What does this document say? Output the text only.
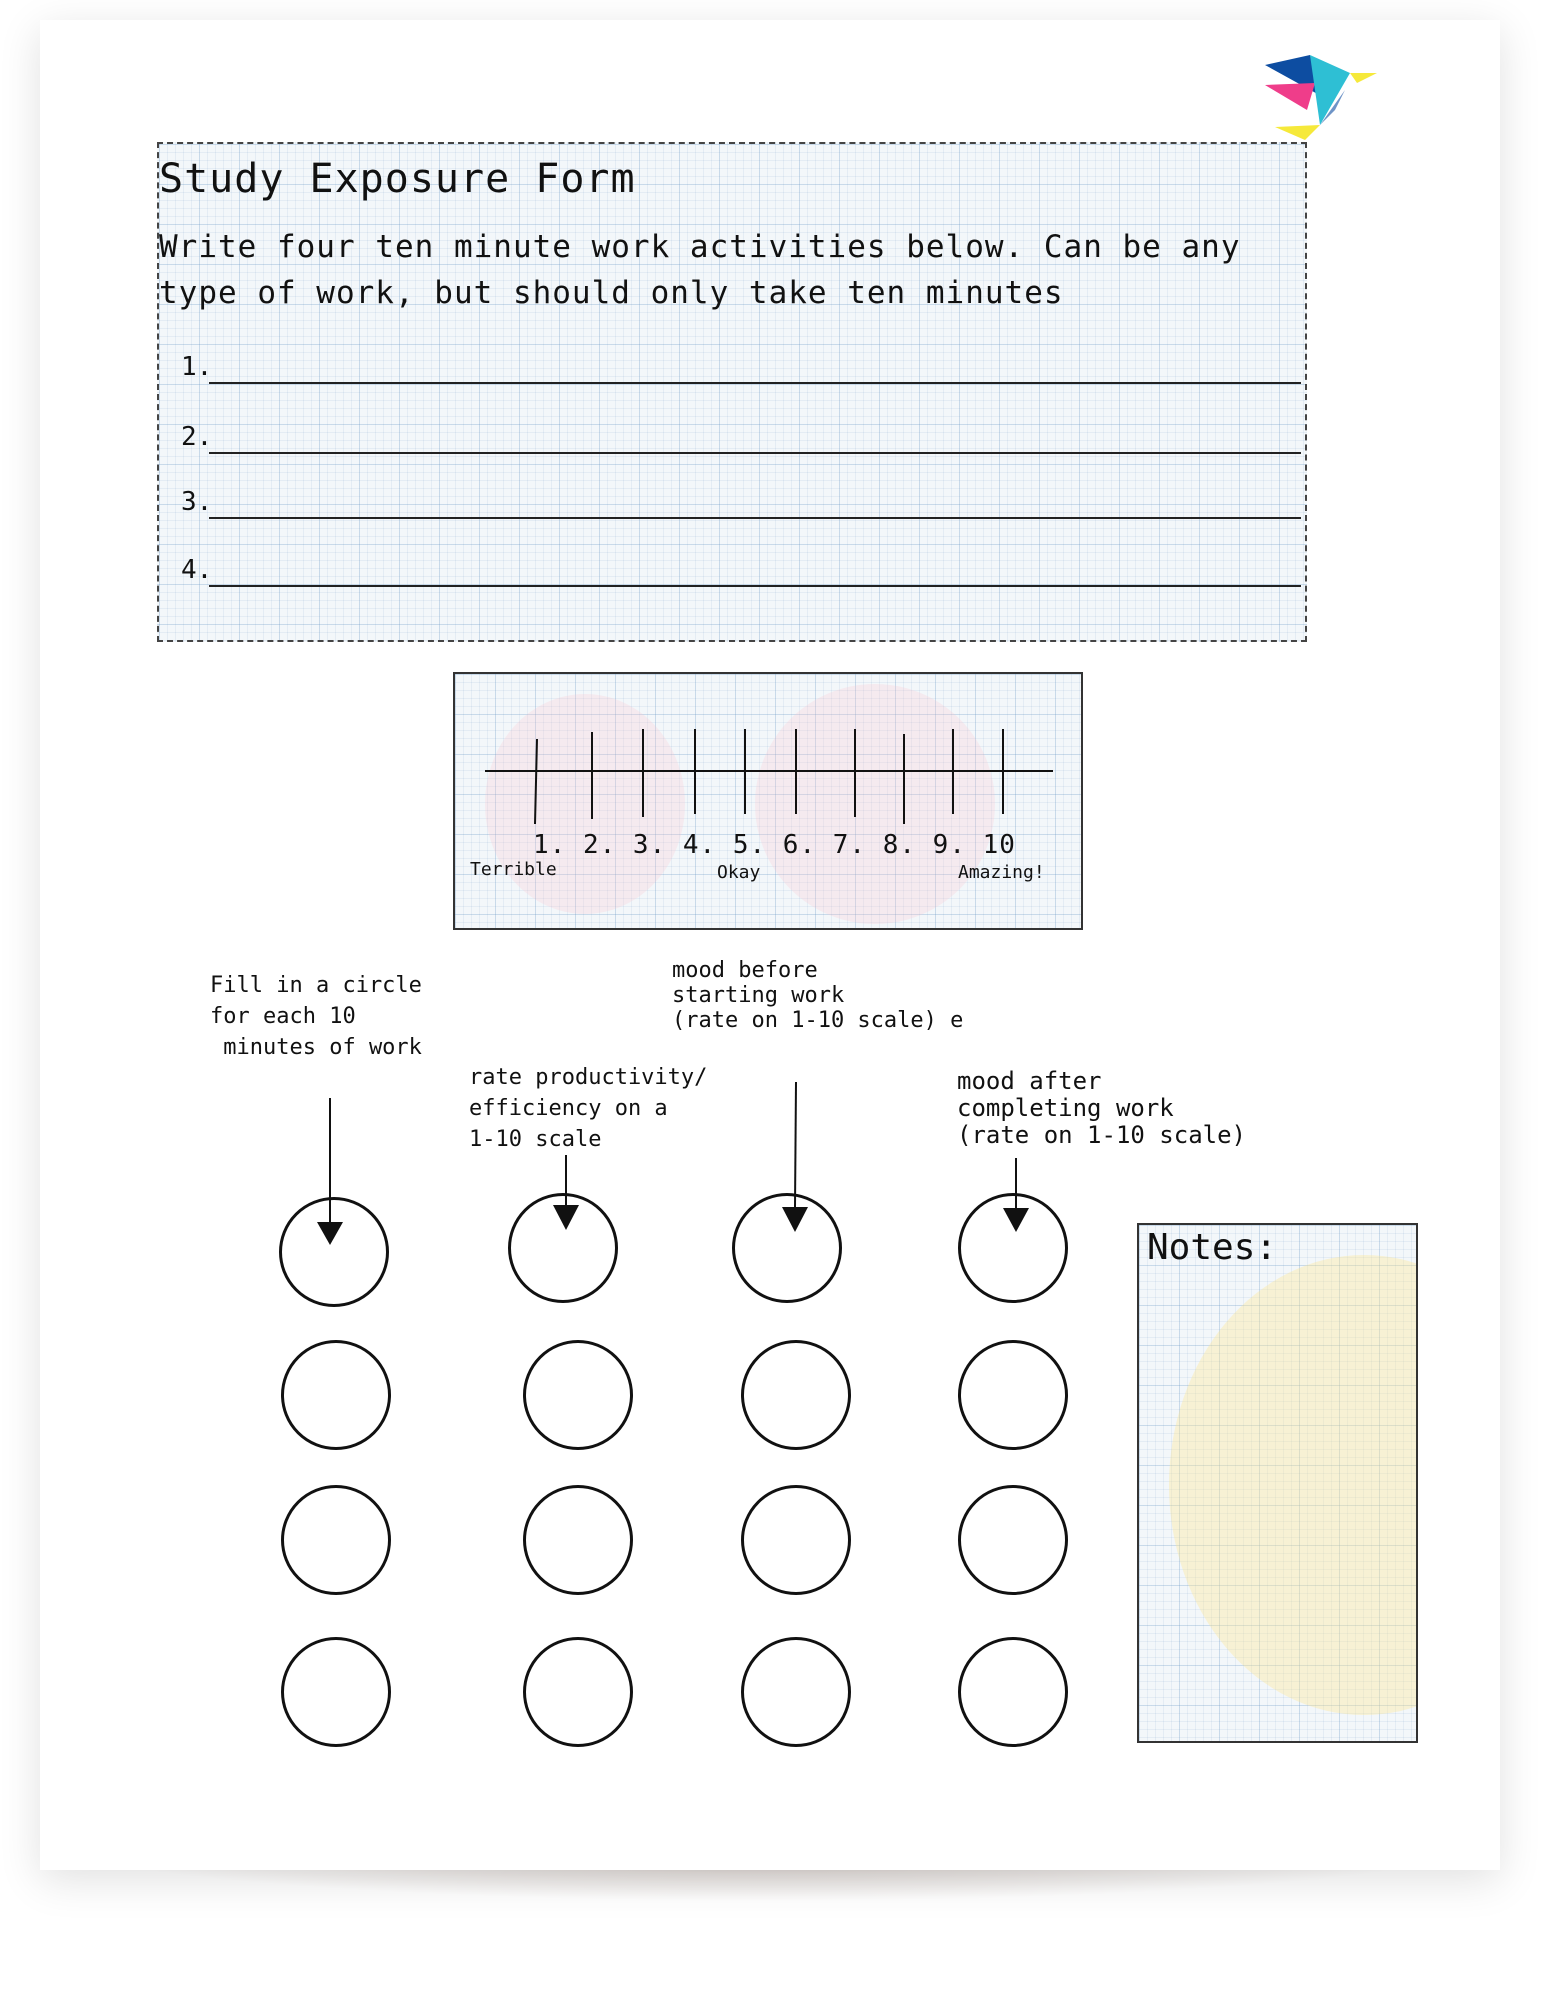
Study Exposure Form
Write four ten minute work activities below. Can be any type of work, but should only take ten minutes
1.
2.
3.
4.
1. 2. 3. 4. 5. 6. 7. 8. 9. 10
Terrible	Okay	Amazing!
Fill in a circle
for each 10
minutes of work
rate productivity/
efficiency on a
1-10 scale
mood before
starting work
(rate on 1-10 scale) e
mood after
completing work
(rate on 1-10 scale)
Notes:
